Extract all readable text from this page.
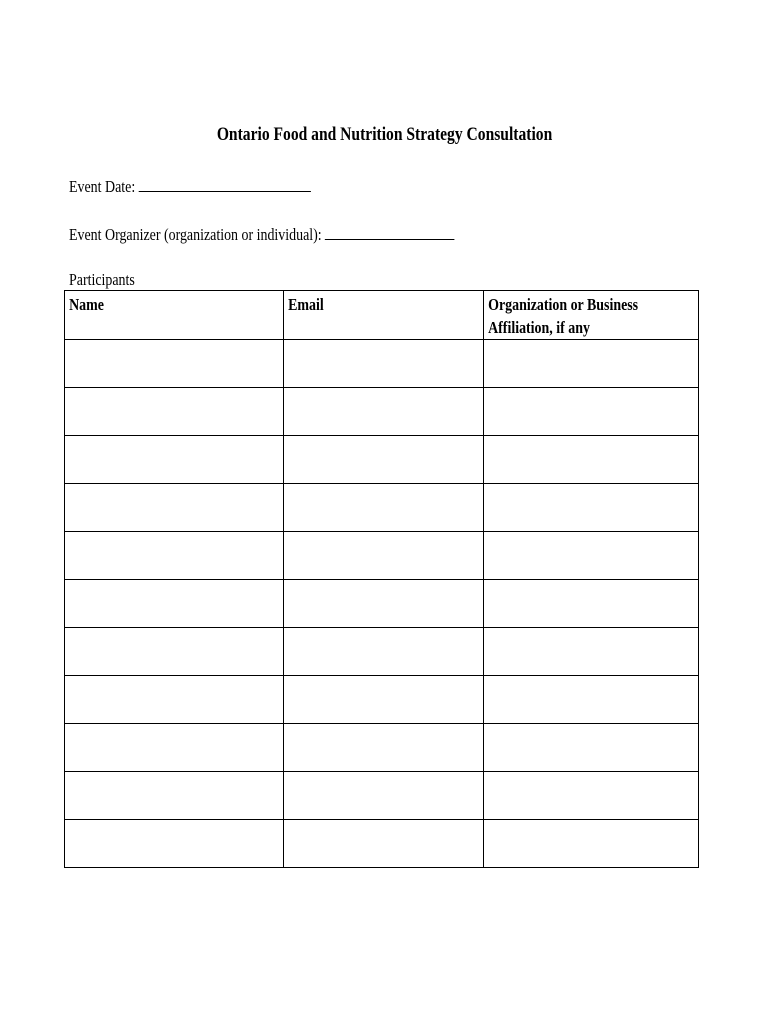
Ontario Food and Nutrition Strategy Consultation
Event Date:
Event Organizer (organization or individual):
Participants
Name	Email	Organization or Business Affiliation, if any
